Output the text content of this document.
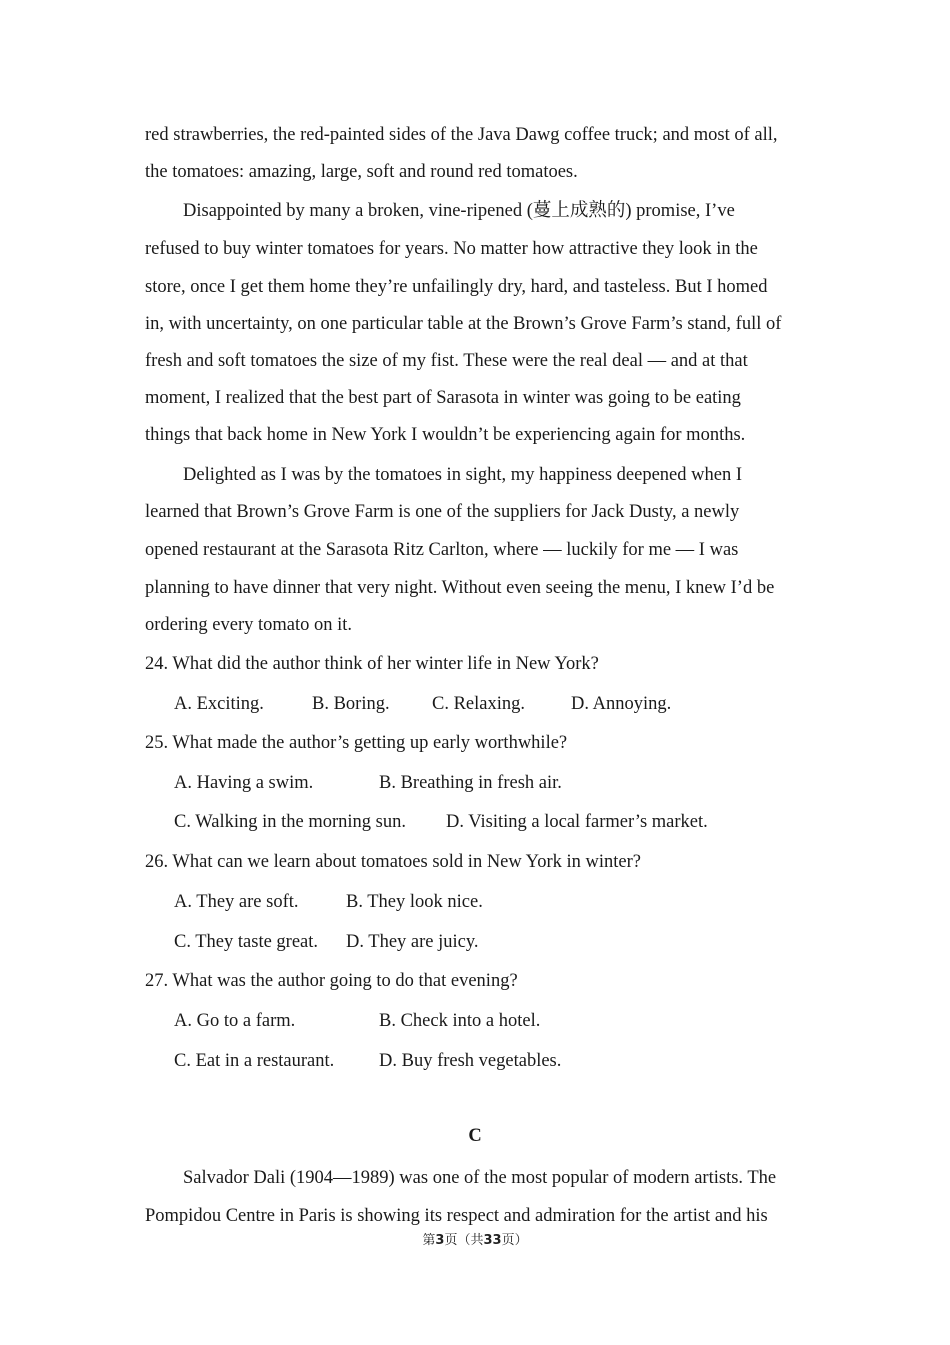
red strawberries, the red-painted sides of the Java Dawg coffee truck; and most of all,
the tomatoes: amazing, large, soft and round red tomatoes.
Disappointed by many a broken, vine-ripened (蔓上成熟的) promise, I’ve
refused to buy winter tomatoes for years. No matter how attractive they look in the
store, once I get them home they’re unfailingly dry, hard, and tasteless. But I homed
in, with uncertainty, on one particular table at the Brown’s Grove Farm’s stand, full of
fresh and soft tomatoes the size of my fist. These were the real deal — and at that
moment, I realized that the best part of Sarasota in winter was going to be eating
things that back home in New York I wouldn’t be experiencing again for months.
Delighted as I was by the tomatoes in sight, my happiness deepened when I
learned that Brown’s Grove Farm is one of the suppliers for Jack Dusty, a newly
opened restaurant at the Sarasota Ritz Carlton, where — luckily for me — I was
planning to have dinner that very night. Without even seeing the menu, I knew I’d be
ordering every tomato on it.
24. What did the author think of her winter life in New York?
A. Exciting.	B. Boring. C. Relaxing. D. Annoying.
25. What made the author’s getting up early worthwhile?
A. Having a swim.	B. Breathing in fresh air.
C. Walking in the morning sun. D. Visiting a local farmer’s market.
26. What can we learn about tomatoes sold in New York in winter?
A. They are soft.	B. They look nice.
C. They taste great. D. They are juicy.
27. What was the author going to do that evening?
A. Go to a farm.	B. Check into a hotel.
C. Eat in a restaurant. D. Buy fresh vegetables.
C
Salvador Dali (1904—1989) was one of the most popular of modern artists. The
Pompidou Centre in Paris is showing its respect and admiration for the artist and his
第3页（共33页）
